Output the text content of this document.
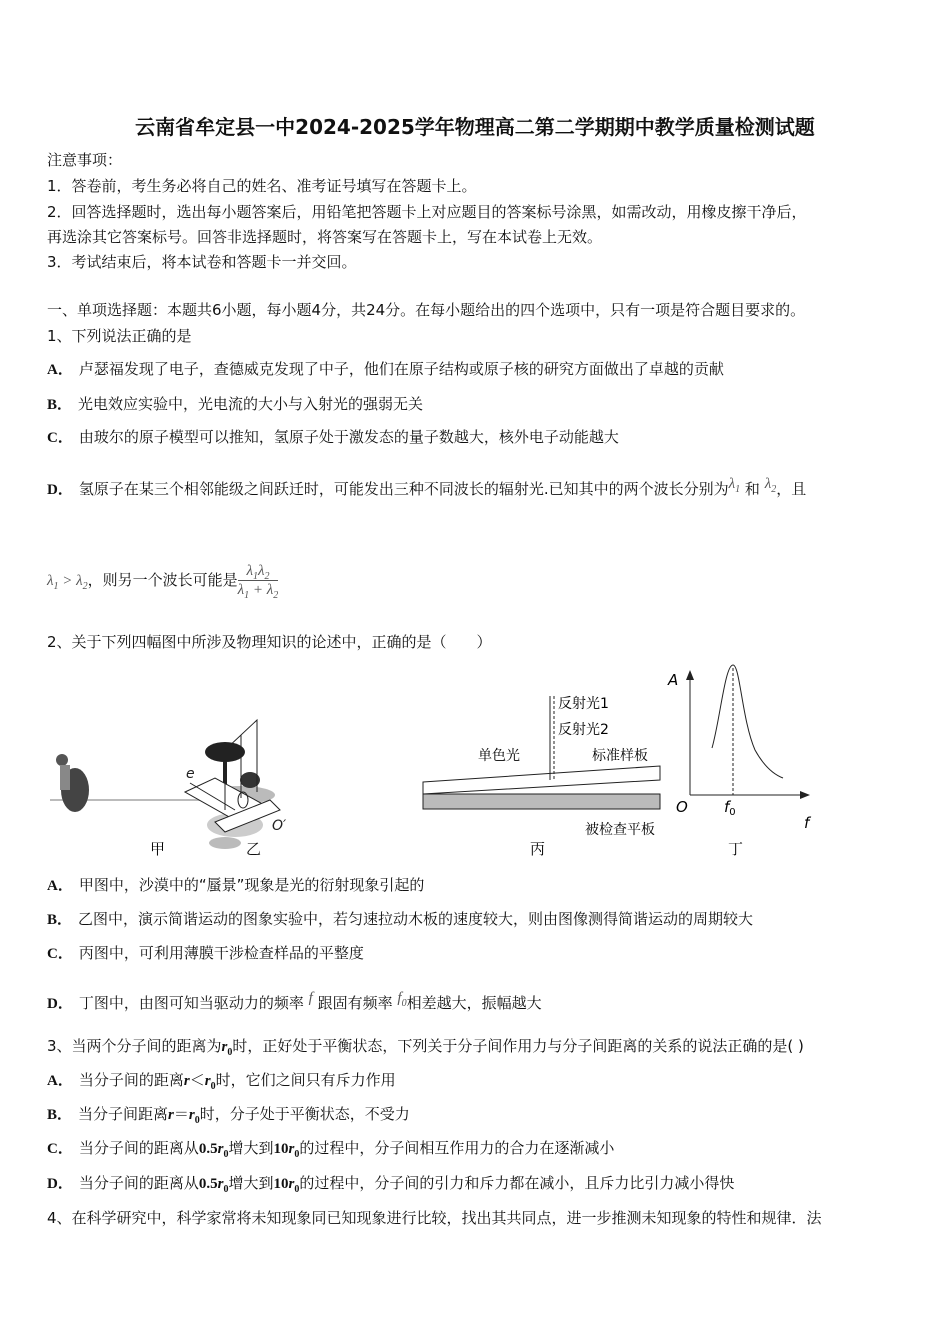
云南省牟定县一中2024-2025学年物理高二第二学期期中教学质量检测试题
注意事项：
1．答卷前，考生务必将自己的姓名、准考证号填写在答题卡上。
2．回答选择题时，选出每小题答案后，用铅笔把答题卡上对应题目的答案标号涂黑，如需改动，用橡皮擦干净后，
再选涂其它答案标号。回答非选择题时，将答案写在答题卡上，写在本试卷上无效。
3．考试结束后，将本试卷和答题卡一并交回。
一、单项选择题：本题共6小题，每小题4分，共24分。在每小题给出的四个选项中，只有一项是符合题目要求的。
1、下列说法正确的是
A． 卢瑟福发现了电子，查德威克发现了中子，他们在原子结构或原子核的研究方面做出了卓越的贡献
B． 光电效应实验中，光电流的大小与入射光的强弱无关
C． 由玻尔的原子模型可以推知，氢原子处于激发态的量子数越大，核外电子动能越大
D． 氢原子在某三个相邻能级之间跃迁时，可能发出三种不同波长的辐射光.已知其中的两个波长分别为$\lambda_1$ 和 $\lambda_2$，且
$\lambda_1 > \lambda_2$，则另一个波长可能是 $\frac{\lambda_1\lambda_2}{\lambda_1 + \lambda_2}$
2、关于下列四幅图中所涉及物理知识的论述中，正确的是（　　）
甲
e
O′
乙
反射光1
反射光2
单色光	标准样板
被检查平板
丙
A
O $f_0$
f
丁
A． 甲图中，沙漠中的“蜃景”现象是光的衍射现象引起的
B． 乙图中，演示简谐运动的图象实验中，若匀速拉动木板的速度较大，则由图像测得简谐运动的周期较大
C． 丙图中，可利用薄膜干涉检查样品的平整度
D． 丁图中，由图可知当驱动力的频率 f 跟固有频率 $f_0$相差越大，振幅越大
3、当两个分子间的距离为$r_0$时，正好处于平衡状态，下列关于分子间作用力与分子间距离的关系的说法正确的是( )
A． 当分子间的距离$r<r_0$时，它们之间只有斥力作用
B． 当分子间距离$r=r_0$时，分子处于平衡状态，不受力
C． 当分子间的距离从$0.5r_0$增大到$10r_0$的过程中，分子间相互作用力的合力在逐渐减小
D． 当分子间的距离从$0.5r_0$增大到$10r_0$的过程中，分子间的引力和斥力都在减小，且斥力比引力减小得快
4、在科学研究中，科学家常将未知现象同已知现象进行比较，找出其共同点，进一步推测未知现象的特性和规律．法
